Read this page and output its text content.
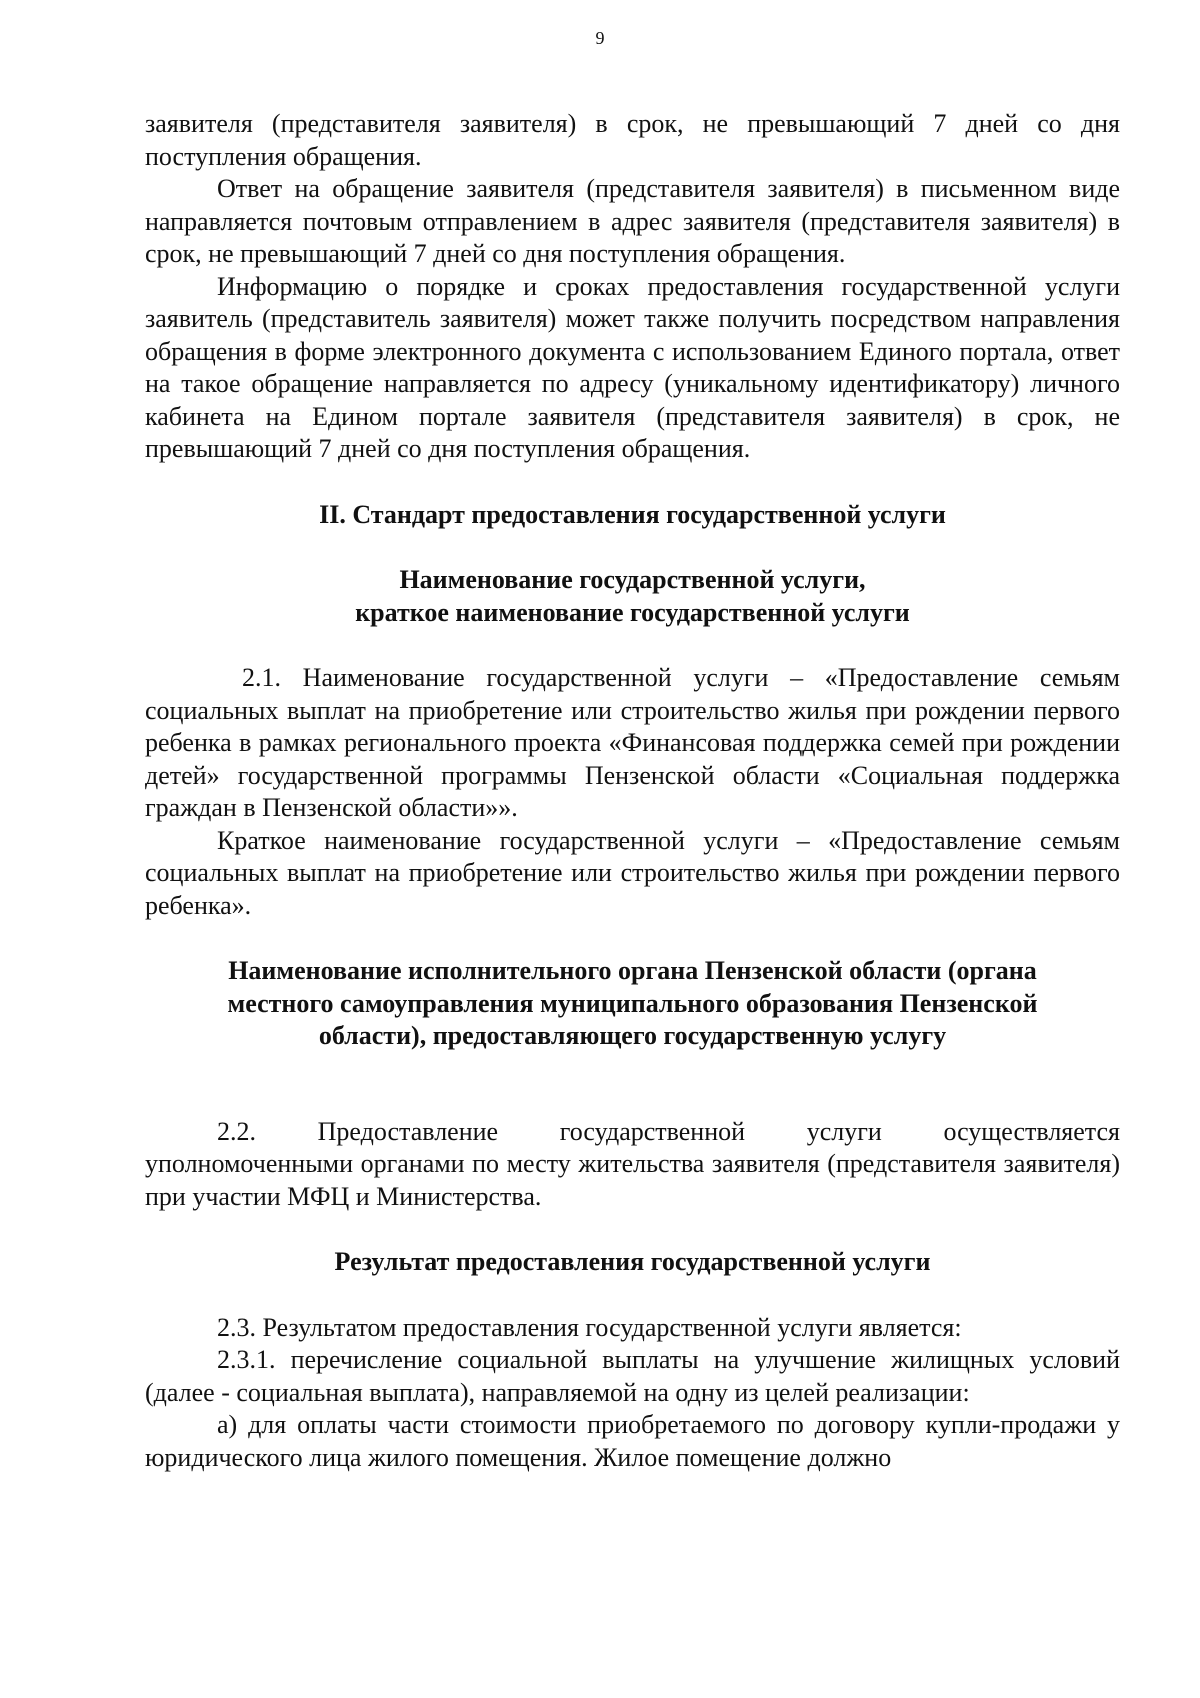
9

заявителя (представителя заявителя) в срок, не превышающий 7 дней со дня поступления обращения.

Ответ на обращение заявителя (представителя заявителя) в письменном виде направляется почтовым отправлением в адрес заявителя (представителя заявителя) в срок, не превышающий 7 дней со дня поступления обращения.

Информацию о порядке и сроках предоставления государственной услуги заявитель (представитель заявителя) может также получить посредством направления обращения в форме электронного документа с использованием Единого портала, ответ на такое обращение направляется по адресу (уникальному идентификатору) личного кабинета на Едином портале заявителя (представителя заявителя) в срок, не превышающий 7 дней со дня поступления обращения.

II. Стандарт предоставления государственной услуги

Наименование государственной услуги,

краткое наименование государственной услуги

2.1. Наименование государственной услуги – «Предоставление семьям социальных выплат на приобретение или строительство жилья при рождении первого ребенка в рамках регионального проекта «Финансовая поддержка семей при рождении детей» государственной программы Пензенской области «Социальная поддержка граждан в Пензенской области»».

Краткое наименование государственной услуги – «Предоставление семьям социальных выплат на приобретение или строительство жилья при рождении первого ребенка».

Наименование исполнительного органа Пензенской области (органа

местного самоуправления муниципального образования Пензенской

области), предоставляющего государственную услугу

2.2. Предоставление государственной услуги осуществляется

уполномоченными органами по месту жительства заявителя (представителя заявителя) при участии МФЦ и Министерства.

Результат предоставления государственной услуги

2.3. Результатом предоставления государственной услуги является:

2.3.1. перечисление социальной выплаты на улучшение жилищных условий (далее - социальная выплата), направляемой на одну из целей реализации:

а) для оплаты части стоимости приобретаемого по договору купли-продажи у юридического лица жилого помещения. Жилое помещение должно
